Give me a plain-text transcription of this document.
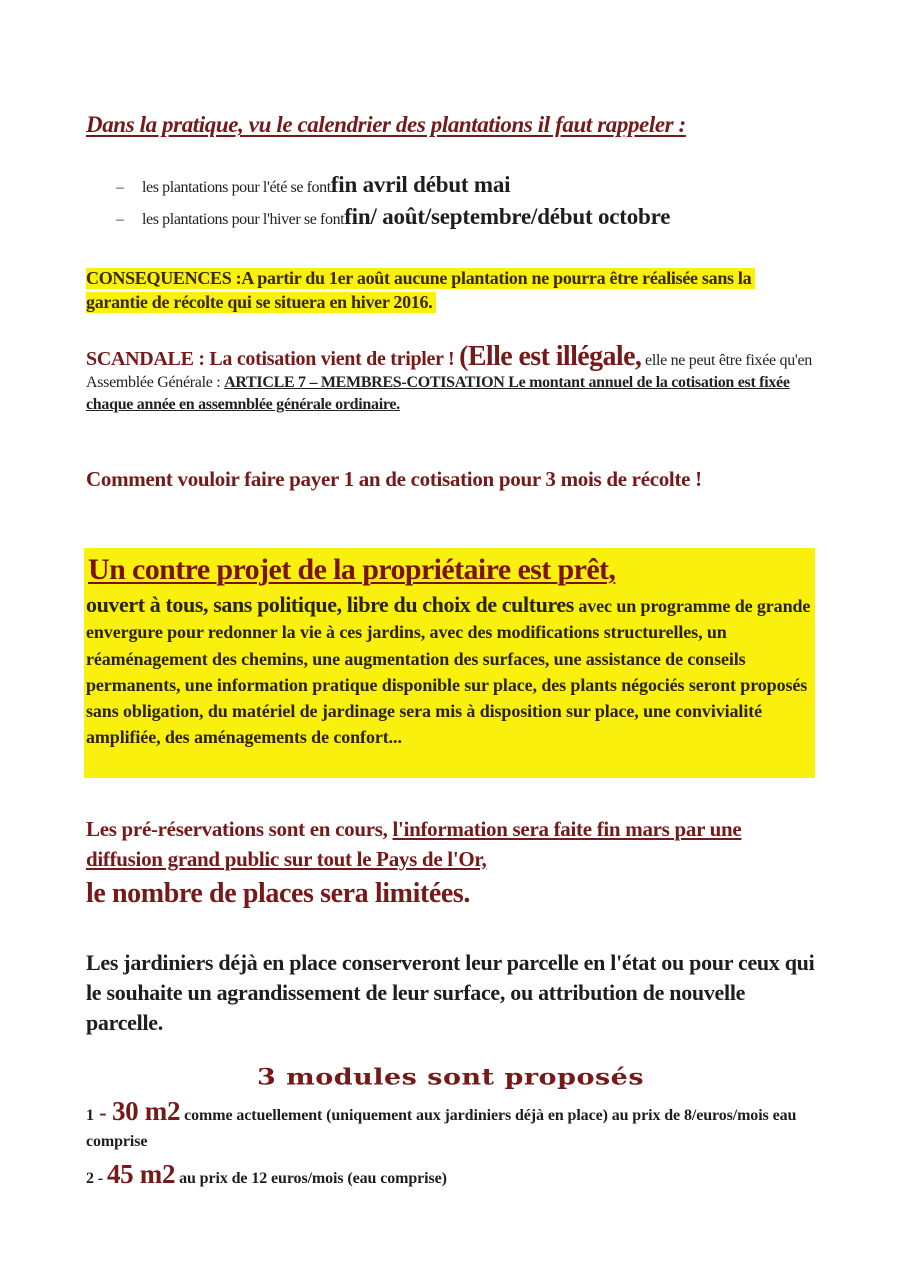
Dans la pratique, vu le calendrier des plantations il faut rappeler :
–	les plantations pour l'été se font fin avril début mai
–	les plantations pour l'hiver se font fin/ août/septembre/début octobre
CONSEQUENCES :A partir du 1er août aucune plantation ne pourra être réalisée sans la garantie de récolte qui se situera en hiver 2016.
SCANDALE : La cotisation vient de tripler ! (Elle est illégale, elle ne peut être fixée qu'en Assemblée Générale : ARTICLE 7 – MEMBRES-COTISATION Le montant annuel de la cotisation est fixée chaque année en assemnblée générale ordinaire.
Comment vouloir faire payer 1 an de cotisation pour 3 mois de récolte !
Un contre projet de la propriétaire est prêt,
ouvert à tous, sans politique, libre du choix de cultures avec un programme de grande envergure pour redonner la vie à ces jardins, avec des modifications structurelles, un réaménagement des chemins, une augmentation des surfaces, une assistance de conseils permanents, une information pratique disponible sur place, des plants négociés seront proposés sans obligation, du matériel de jardinage sera mis à disposition sur place, une convivialité amplifiée, des aménagements de confort...
Les pré-réservations sont en cours, l'information sera faite fin mars par une diffusion grand public sur tout le Pays de l'Or,
le nombre de places sera limitées.
Les jardiniers déjà en place conserveront leur parcelle en l'état ou pour ceux qui le souhaite un agrandissement de leur surface, ou attribution de nouvelle parcelle.
3 modules sont proposés
1 - 30 m2 comme actuellement (uniquement aux jardiniers déjà en place) au prix de 8/euros/mois eau comprise
2 - 45 m2 au prix de 12 euros/mois (eau comprise)
